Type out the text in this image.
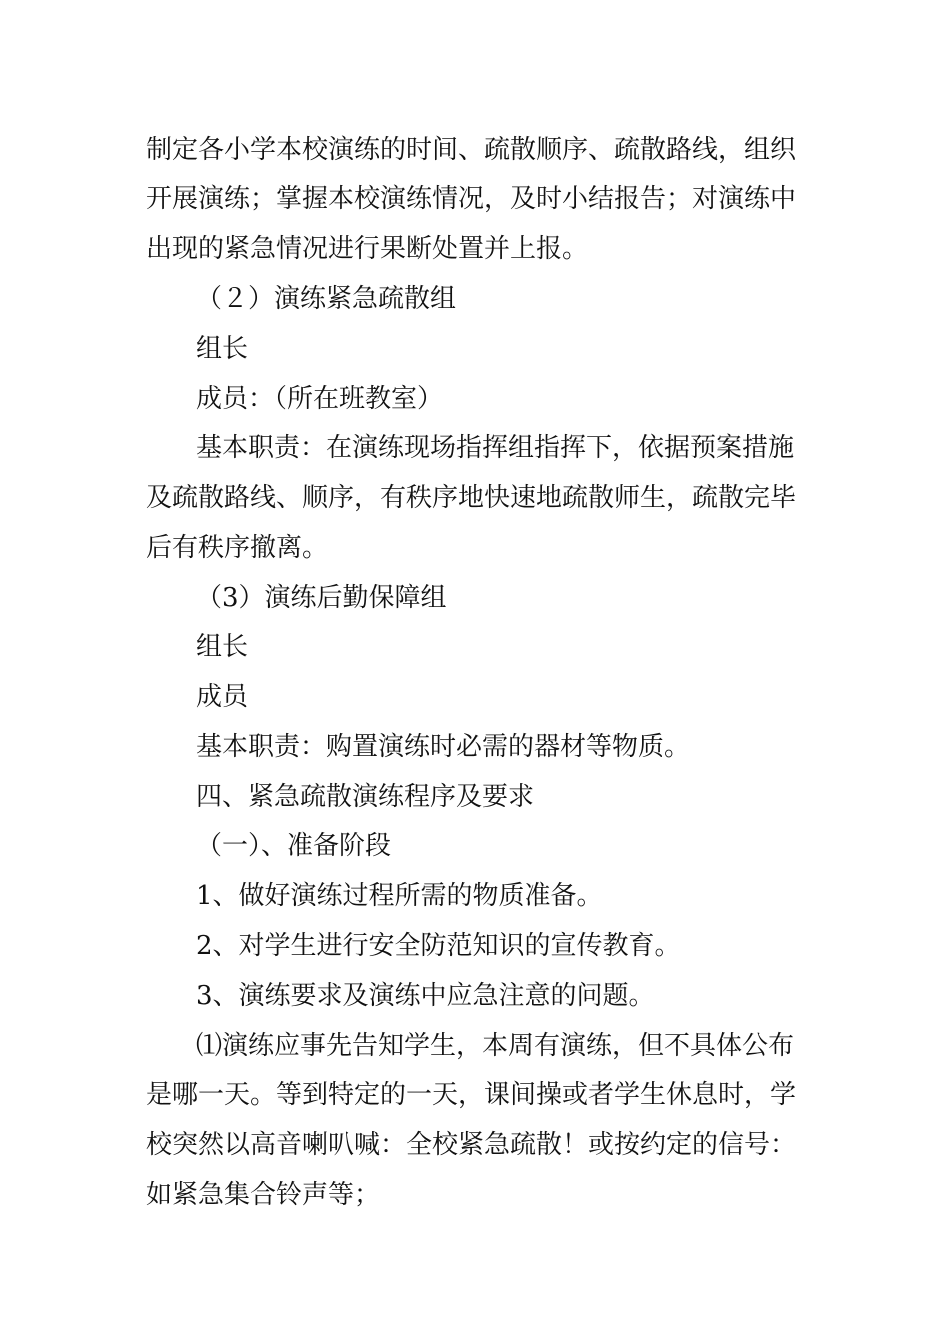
制定各小学本校演练的时间、疏散顺序、疏散路线，组织
开展演练；掌握本校演练情况，及时小结报告；对演练中
出现的紧急情况进行果断处置并上报。
（２）演练紧急疏散组
组长
成员：（所在班教室）
基本职责：在演练现场指挥组指挥下，依据预案措施
及疏散路线、顺序，有秩序地快速地疏散师生，疏散完毕
后有秩序撤离。
（3）演练后勤保障组
组长
成员
基本职责：购置演练时必需的器材等物质。
四、紧急疏散演练程序及要求
（一）、准备阶段
1、做好演练过程所需的物质准备。
2、对学生进行安全防范知识的宣传教育。
3、演练要求及演练中应急注意的问题。
⑴演练应事先告知学生，本周有演练，但不具体公布
是哪一天。等到特定的一天，课间操或者学生休息时，学
校突然以高音喇叭喊：全校紧急疏散！或按约定的信号：
如紧急集合铃声等；
